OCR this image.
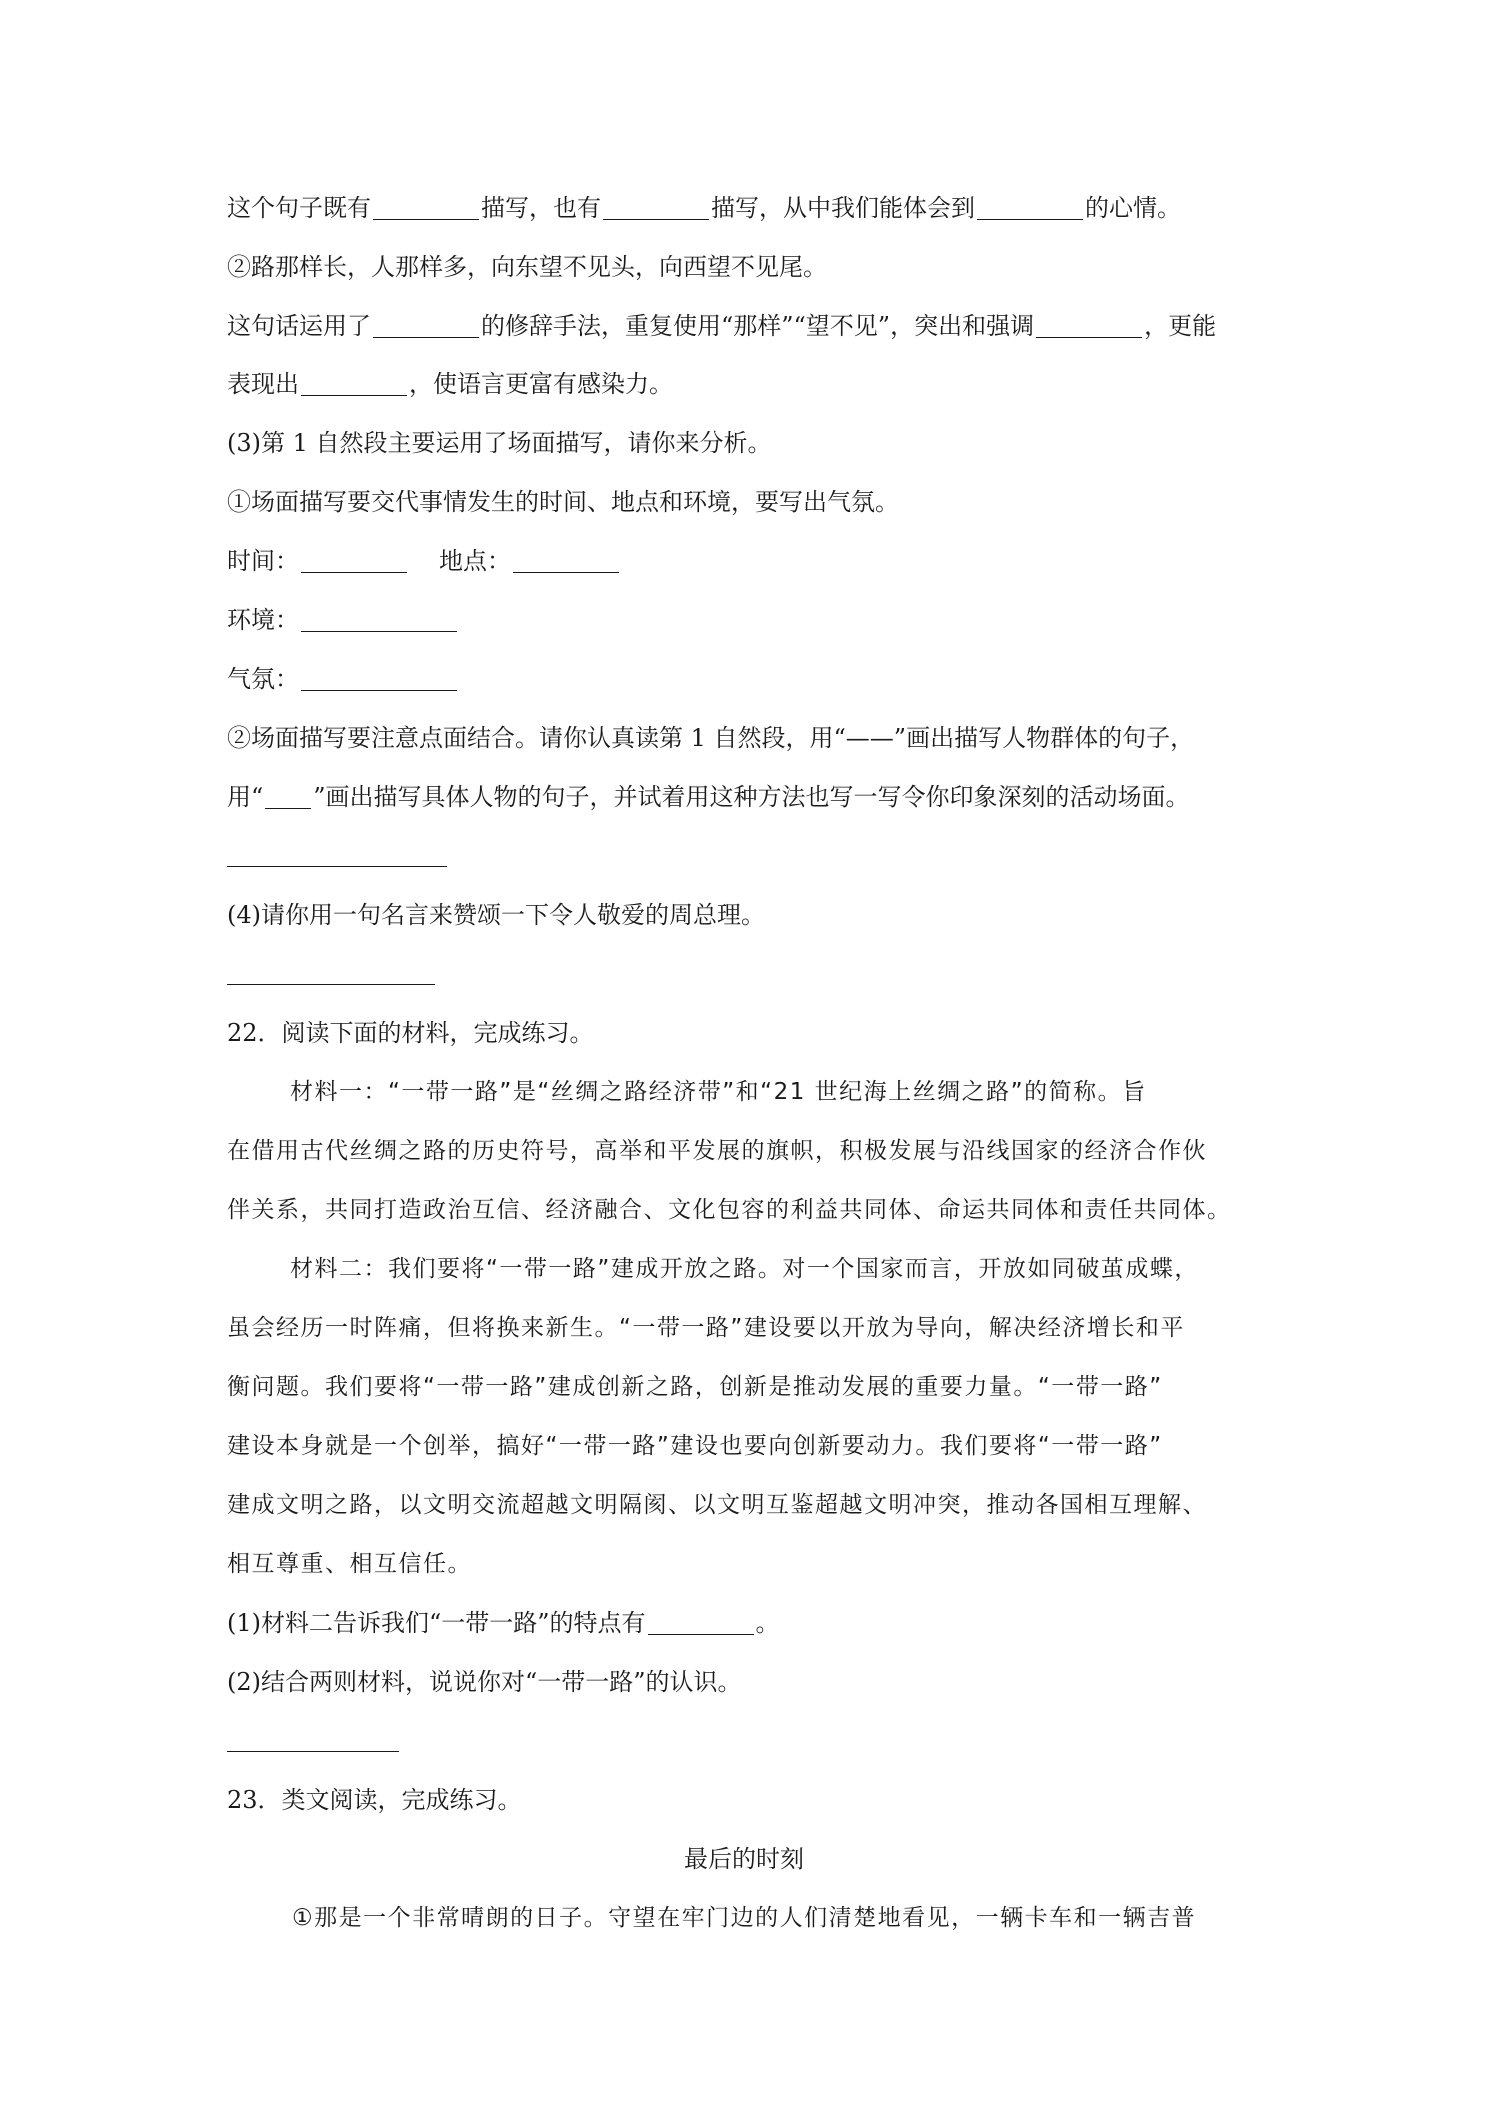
这个句子既有	描写，也有	描写，从中我们能体会到	的心情。
②路那样长，人那样多，向东望不见头，向西望不见尾。
这句话运用了	的修辞手法，重复使用“那样”“望不见”，突出和强调	，更能
表现出	，使语言更富有感染力。
(3)第 1 自然段主要运用了场面描写，请你来分析。
①场面描写要交代事情发生的时间、地点和环境，要写出气氛。
时间：	地点：
环境：
气氛：
②场面描写要注意点面结合。请你认真读第 1 自然段，用“——”画出描写人物群体的句子，
用“ ”画出描写具体人物的句子，并试着用这种方法也写一写令你印象深刻的活动场面。
(4)请你用一句名言来赞颂一下令人敬爱的周总理。
22．阅读下面的材料，完成练习。
材料一：“一带一路”是“丝绸之路经济带”和“21 世纪海上丝绸之路”的简称。旨
在借用古代丝绸之路的历史符号，高举和平发展的旗帜，积极发展与沿线国家的经济合作伙
伴关系，共同打造政治互信、经济融合、文化包容的利益共同体、命运共同体和责任共同体。
材料二：我们要将“一带一路”建成开放之路。对一个国家而言，开放如同破茧成蝶，
虽会经历一时阵痛，但将换来新生。“一带一路”建设要以开放为导向，解决经济增长和平
衡问题。我们要将“一带一路”建成创新之路，创新是推动发展的重要力量。“一带一路”
建设本身就是一个创举，搞好“一带一路”建设也要向创新要动力。我们要将“一带一路”
建成文明之路，以文明交流超越文明隔阂、以文明互鉴超越文明冲突，推动各国相互理解、
相互尊重、相互信任。
(1)材料二告诉我们“一带一路”的特点有	。
(2)结合两则材料，说说你对“一带一路”的认识。
23．类文阅读，完成练习。
最后的时刻
①那是一个非常晴朗的日子。守望在牢门边的人们清楚地看见，一辆卡车和一辆吉普
